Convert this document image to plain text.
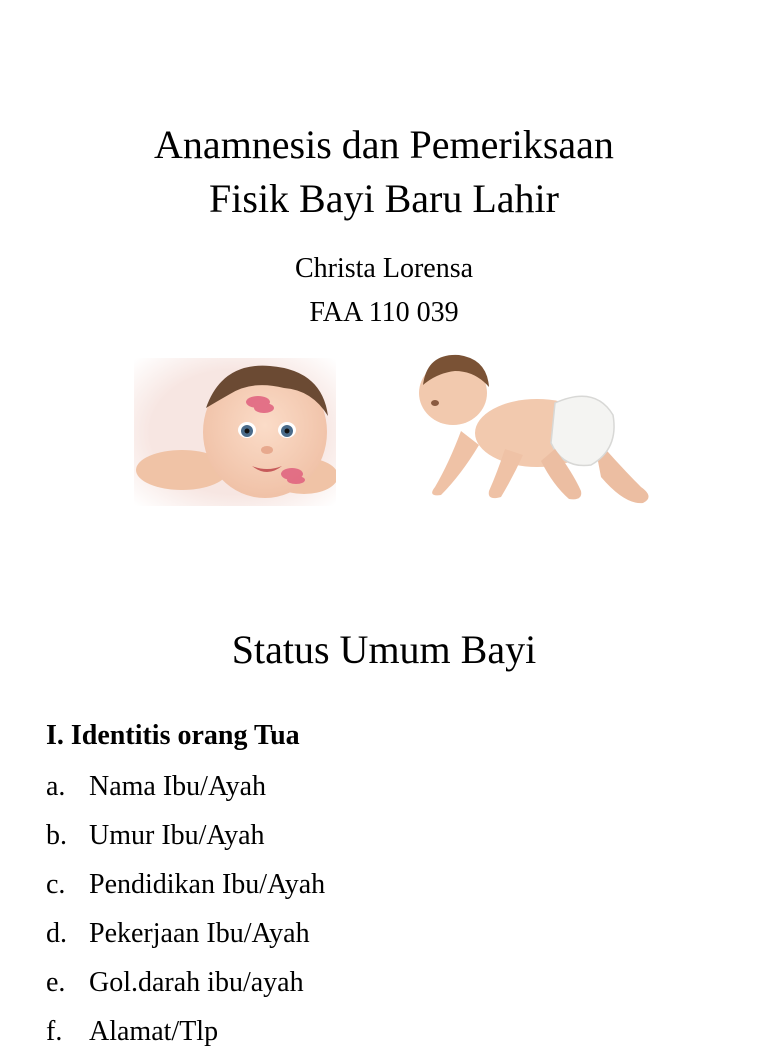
Anamnesis dan Pemeriksaan
Fisik Bayi Baru Lahir
Christa Lorensa
FAA 110 039
Status Umum Bayi
I. Identitis orang Tua
a. Nama Ibu/Ayah
b. Umur Ibu/Ayah
c. Pendidikan Ibu/Ayah
d. Pekerjaan Ibu/Ayah
e. Gol.darah ibu/ayah
f. Alamat/Tlp
